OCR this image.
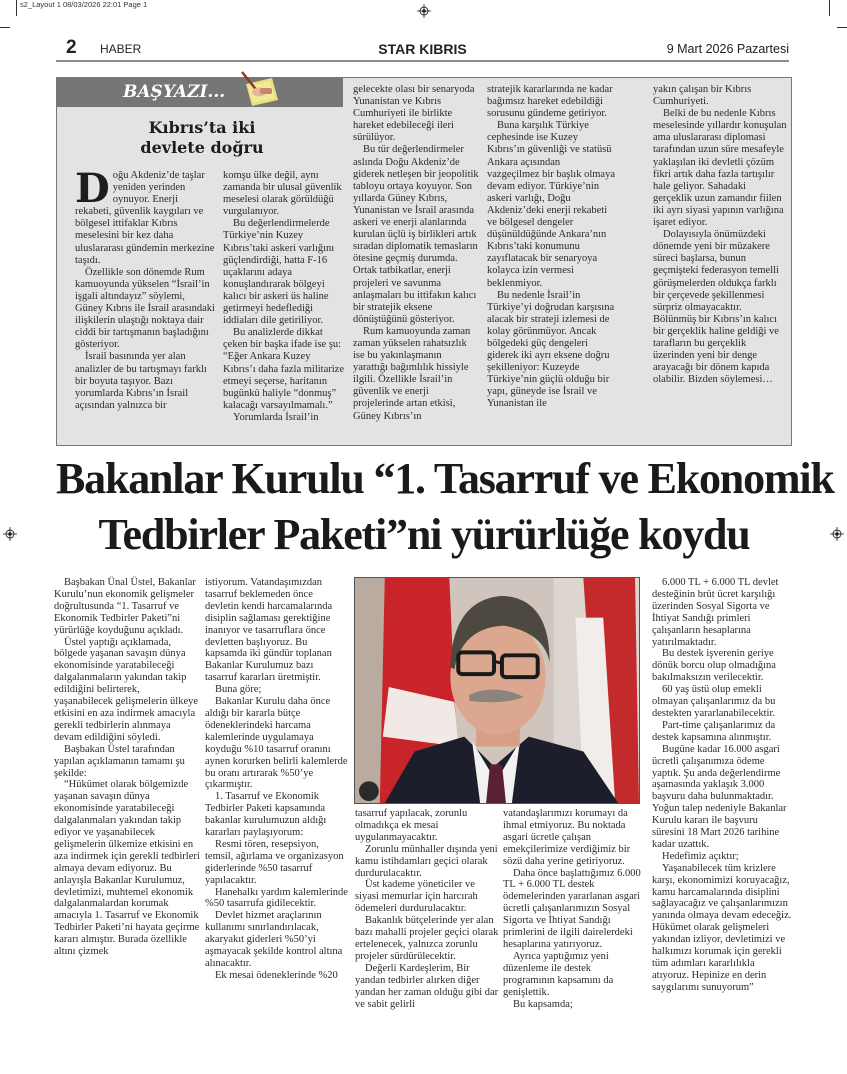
s2_Layout 1 08/03/2026 22:01 Page 1
2 HABER	STAR KIBRIS	9 Mart 2026 Pazartesi
BAŞYAZI...
Kıbrıs’ta iki
devlete doğru

Doğu Akdeniz’de taşlar yeniden yerinden oynuyor. Enerji rekabeti, güvenlik kaygıları ve bölgesel ittifaklar Kıbrıs meselesini bir kez daha uluslararası gündemin merkezine taşıdı.

Özellikle son dönemde Rum kamuoyunda yükselen “İsrail’in işgali altındayız” söylemi, Güney Kıbrıs ile İsrail arasındaki ilişkilerin ulaştığı noktaya dair ciddi bir tartışmanın başladığını gösteriyor.

İsrail basınında yer alan analizler de bu tartışmayı farklı bir boyuta taşıyor. Bazı yorumlarda Kıbrıs’ın İsrail açısından yalnızca bir

komşu ülke değil, aynı zamanda bir ulusal güvenlik meselesi olarak görüldüğü vurgulanıyor.

Bu değerlendirmelerde Türkiye’nin Kuzey Kıbrıs’taki askeri varlığını güçlendirdiği, hatta F-16 uçaklarını adaya konuşlandırarak bölgeyi kalıcı bir askeri üs haline getirmeyi hedeflediği iddiaları dile getiriliyor.

Bu analizlerde dikkat çeken bir başka ifade ise şu: “Eğer Ankara Kuzey Kıbrıs’ı daha fazla militarize etmeyi seçerse, haritanın bugünkü haliyle “donmuş” kalacağı varsayılmamalı.”

Yorumlarda İsrail’in

gelecekte olası bir senaryoda Yunanistan ve Kıbrıs Cumhuriyeti ile birlikte hareket edebileceği ileri sürülüyor.

Bu tür değerlendirmeler aslında Doğu Akdeniz’de giderek netleşen bir jeopolitik tabloyu ortaya koyuyor. Son yıllarda Güney Kıbrıs, Yunanistan ve İsrail arasında askeri ve enerji alanlarında kurulan üçlü iş birlikleri artık sıradan diplomatik temasların ötesine geçmiş durumda. Ortak tatbikatlar, enerji projeleri ve savunma anlaşmaları bu ittifakın kalıcı bir stratejik eksene dönüştüğünü gösteriyor.

Rum kamuoyunda zaman zaman yükselen rahatsızlık ise bu yakınlaşmanın yarattığı bağımlılık hissiyle ilgili. Özellikle İsrail’in güvenlik ve enerji projelerinde artan etkisi, Güney Kıbrıs’ın

stratejik kararlarında ne kadar bağımsız hareket edebildiği sorusunu gündeme getiriyor.

Buna karşılık Türkiye cephesinde ise Kuzey Kıbrıs’ın güvenliği ve statüsü Ankara açısından vazgeçilmez bir başlık olmaya devam ediyor. Türkiye’nin askeri varlığı, Doğu Akdeniz’deki enerji rekabeti ve bölgesel dengeler düşünüldüğünde Ankara’nın Kıbrıs’taki konumunu zayıflatacak bir senaryoya kolayca izin vermesi beklenmiyor.

Bu nedenle İsrail’in Türkiye’yi doğrudan karşısına alacak bir strateji izlemesi de kolay görünmüyor. Ancak bölgedeki güç dengeleri giderek iki ayrı eksene doğru şekilleniyor: Kuzeyde Türkiye’nin güçlü olduğu bir yapı, güneyde ise İsrail ve Yunanistan ile

yakın çalışan bir Kıbrıs Cumhuriyeti.

Belki de bu nedenle Kıbrıs meselesinde yıllardır konuşulan ama uluslararası diplomasi tarafından uzun süre mesafeyle yaklaşılan iki devletli çözüm fikri artık daha fazla tartışılır hale geliyor. Sahadaki gerçeklik uzun zamandır fiilen iki ayrı siyasi yapının varlığına işaret ediyor.

Dolayısıyla önümüzdeki dönemde yeni bir müzakere süreci başlarsa, bunun geçmişteki federasyon temelli görüşmelerden oldukça farklı bir çerçevede şekillenmesi sürpriz olmayacaktır. Bölünmüş bir Kıbrıs’ın kalıcı bir gerçeklik haline geldiği ve tarafların bu gerçeklik üzerinden yeni bir denge arayacağı bir dönem kapıda olabilir. Bizden söylemesi…

Bakanlar Kurulu “1. Tasarruf ve Ekonomik
Tedbirler Paketi”ni yürürlüğe koydu

Başbakan Ünal Üstel, Bakanlar Kurulu’nun ekonomik gelişmeler doğrultusunda “1. Tasarruf ve Ekonomik Tedbirler Paketi”ni yürürlüğe koyduğunu açıkladı.

Üstel yaptığı açıklamada, bölgede yaşanan savaşın dünya ekonomisinde yaratabileceği dalgalanmaların yakından takip edildiğini belirterek, yaşanabilecek gelişmelerin ülkeye etkisini en aza indirmek amacıyla gerekli tedbirlerin alınmaya devam edildiğini söyledi.

Başbakan Üstel tarafından yapılan açıklamanın tamamı şu şekilde:

“Hükümet olarak bölgemizde yaşanan savaşın dünya ekonomisinde yaratabileceği dalgalanmaları yakından takip ediyor ve yaşanabilecek gelişmelerin ülkemize etkisini en aza indirmek için gerekli tedbirleri almaya devam ediyoruz. Bu anlayışla Bakanlar Kurulumuz, devletimizi, muhtemel ekonomik dalgalanmalardan korumak amacıyla 1. Tasarruf ve Ekonomik Tedbirler Paketi’ni hayata geçirme kararı almıştır. Burada özellikle altını çizmek

istiyorum. Vatandaşımızdan tasarruf beklemeden önce devletin kendi harcamalarında disiplin sağlaması gerektiğine inanıyor ve tasarruflara önce devletten başlıyoruz. Bu kapsamda iki gündür toplanan Bakanlar Kurulumuz bazı tasarruf kararları üretmiştir.

Buna göre;

Bakanlar Kurulu daha önce aldığı bir kararla bütçe ödeneklerindeki harcama kalemlerinde uygulamaya koyduğu %10 tasarruf oranını aynen korurken belirli kalemlerde bu oranı artırarak %50’ye çıkarmıştır.

1. Tasarruf ve Ekonomik Tedbirler Paketi kapsamında bakanlar kurulumuzun aldığı kararları paylaşıyorum:

Resmi tören, resepsiyon, temsil, ağırlama ve organizasyon giderlerinde %50 tasarruf yapılacaktır.

Hanehalkı yardım kalemlerinde %50 tasarrufa gidilecektir.

Devlet hizmet araçlarının kullanımı sınırlandırılacak, akaryakıt giderleri %50’yi aşmayacak şekilde kontrol altına alınacaktır.

Ek mesai ödeneklerinde %20

tasarruf yapılacak, zorunlu olmadıkça ek mesai uygulanmayacaktır.

Zorunlu münhaller dışında yeni kamu istihdamları geçici olarak durdurulacaktır.

Üst kademe yöneticiler ve siyasi memurlar için harcırah ödemeleri durdurulacaktır.

Bakanlık bütçelerinde yer alan bazı mahalli projeler geçici olarak ertelenecek, yalnızca zorunlu projeler sürdürülecektir.

Değerli Kardeşlerim, Bir yandan tedbirler alırken diğer yandan her zaman olduğu gibi dar ve sabit gelirli

vatandaşlarımızı korumayı da ihmal etmiyoruz. Bu noktada asgari ücretle çalışan emekçilerimize verdiğimiz bir sözü daha yerine getiriyoruz.

Daha önce başlattığımız 6.000 TL + 6.000 TL destek ödemelerinden yararlanan asgari ücretli çalışanlarımızın Sosyal Sigorta ve İhtiyat Sandığı primlerini de ilgili dairelerdeki hesaplarına yatırıyoruz.

Ayrıca yaptığımız yeni düzenleme ile destek programının kapsamını da genişlettik.

Bu kapsamda;

6.000 TL + 6.000 TL devlet desteğinin brüt ücret karşılığı üzerinden Sosyal Sigorta ve İhtiyat Sandığı primleri çalışanların hesaplarına yatırılmaktadır.

Bu destek işverenin geriye dönük borcu olup olmadığına bakılmaksızın verilecektir.

60 yaş üstü olup emekli olmayan çalışanlarımız da bu destekten yararlanabilecektir.

Part-time çalışanlarımız da destek kapsamına alınmıştır.

Bugüne kadar 16.000 asgari ücretli çalışanımıza ödeme yaptık. Şu anda değerlendirme aşamasında yaklaşık 3.000 başvuru daha bulunmaktadır. Yoğun talep nedeniyle Bakanlar Kurulu kararı ile başvuru süresini 18 Mart 2026 tarihine kadar uzattık.

Hedefimiz açıktır;

Yaşanabilecek tüm krizlere karşı, ekonomimizi koruyacağız, kamu harcamalarında disiplini sağlayacağız ve çalışanlarımızın yanında olmaya devam edeceğiz. Hükümet olarak gelişmeleri yakından izliyor, devletimizi ve halkımızı korumak için gerekli tüm adımları kararlılıkla atıyoruz. Hepinize en derin saygılarımı sunuyorum”
